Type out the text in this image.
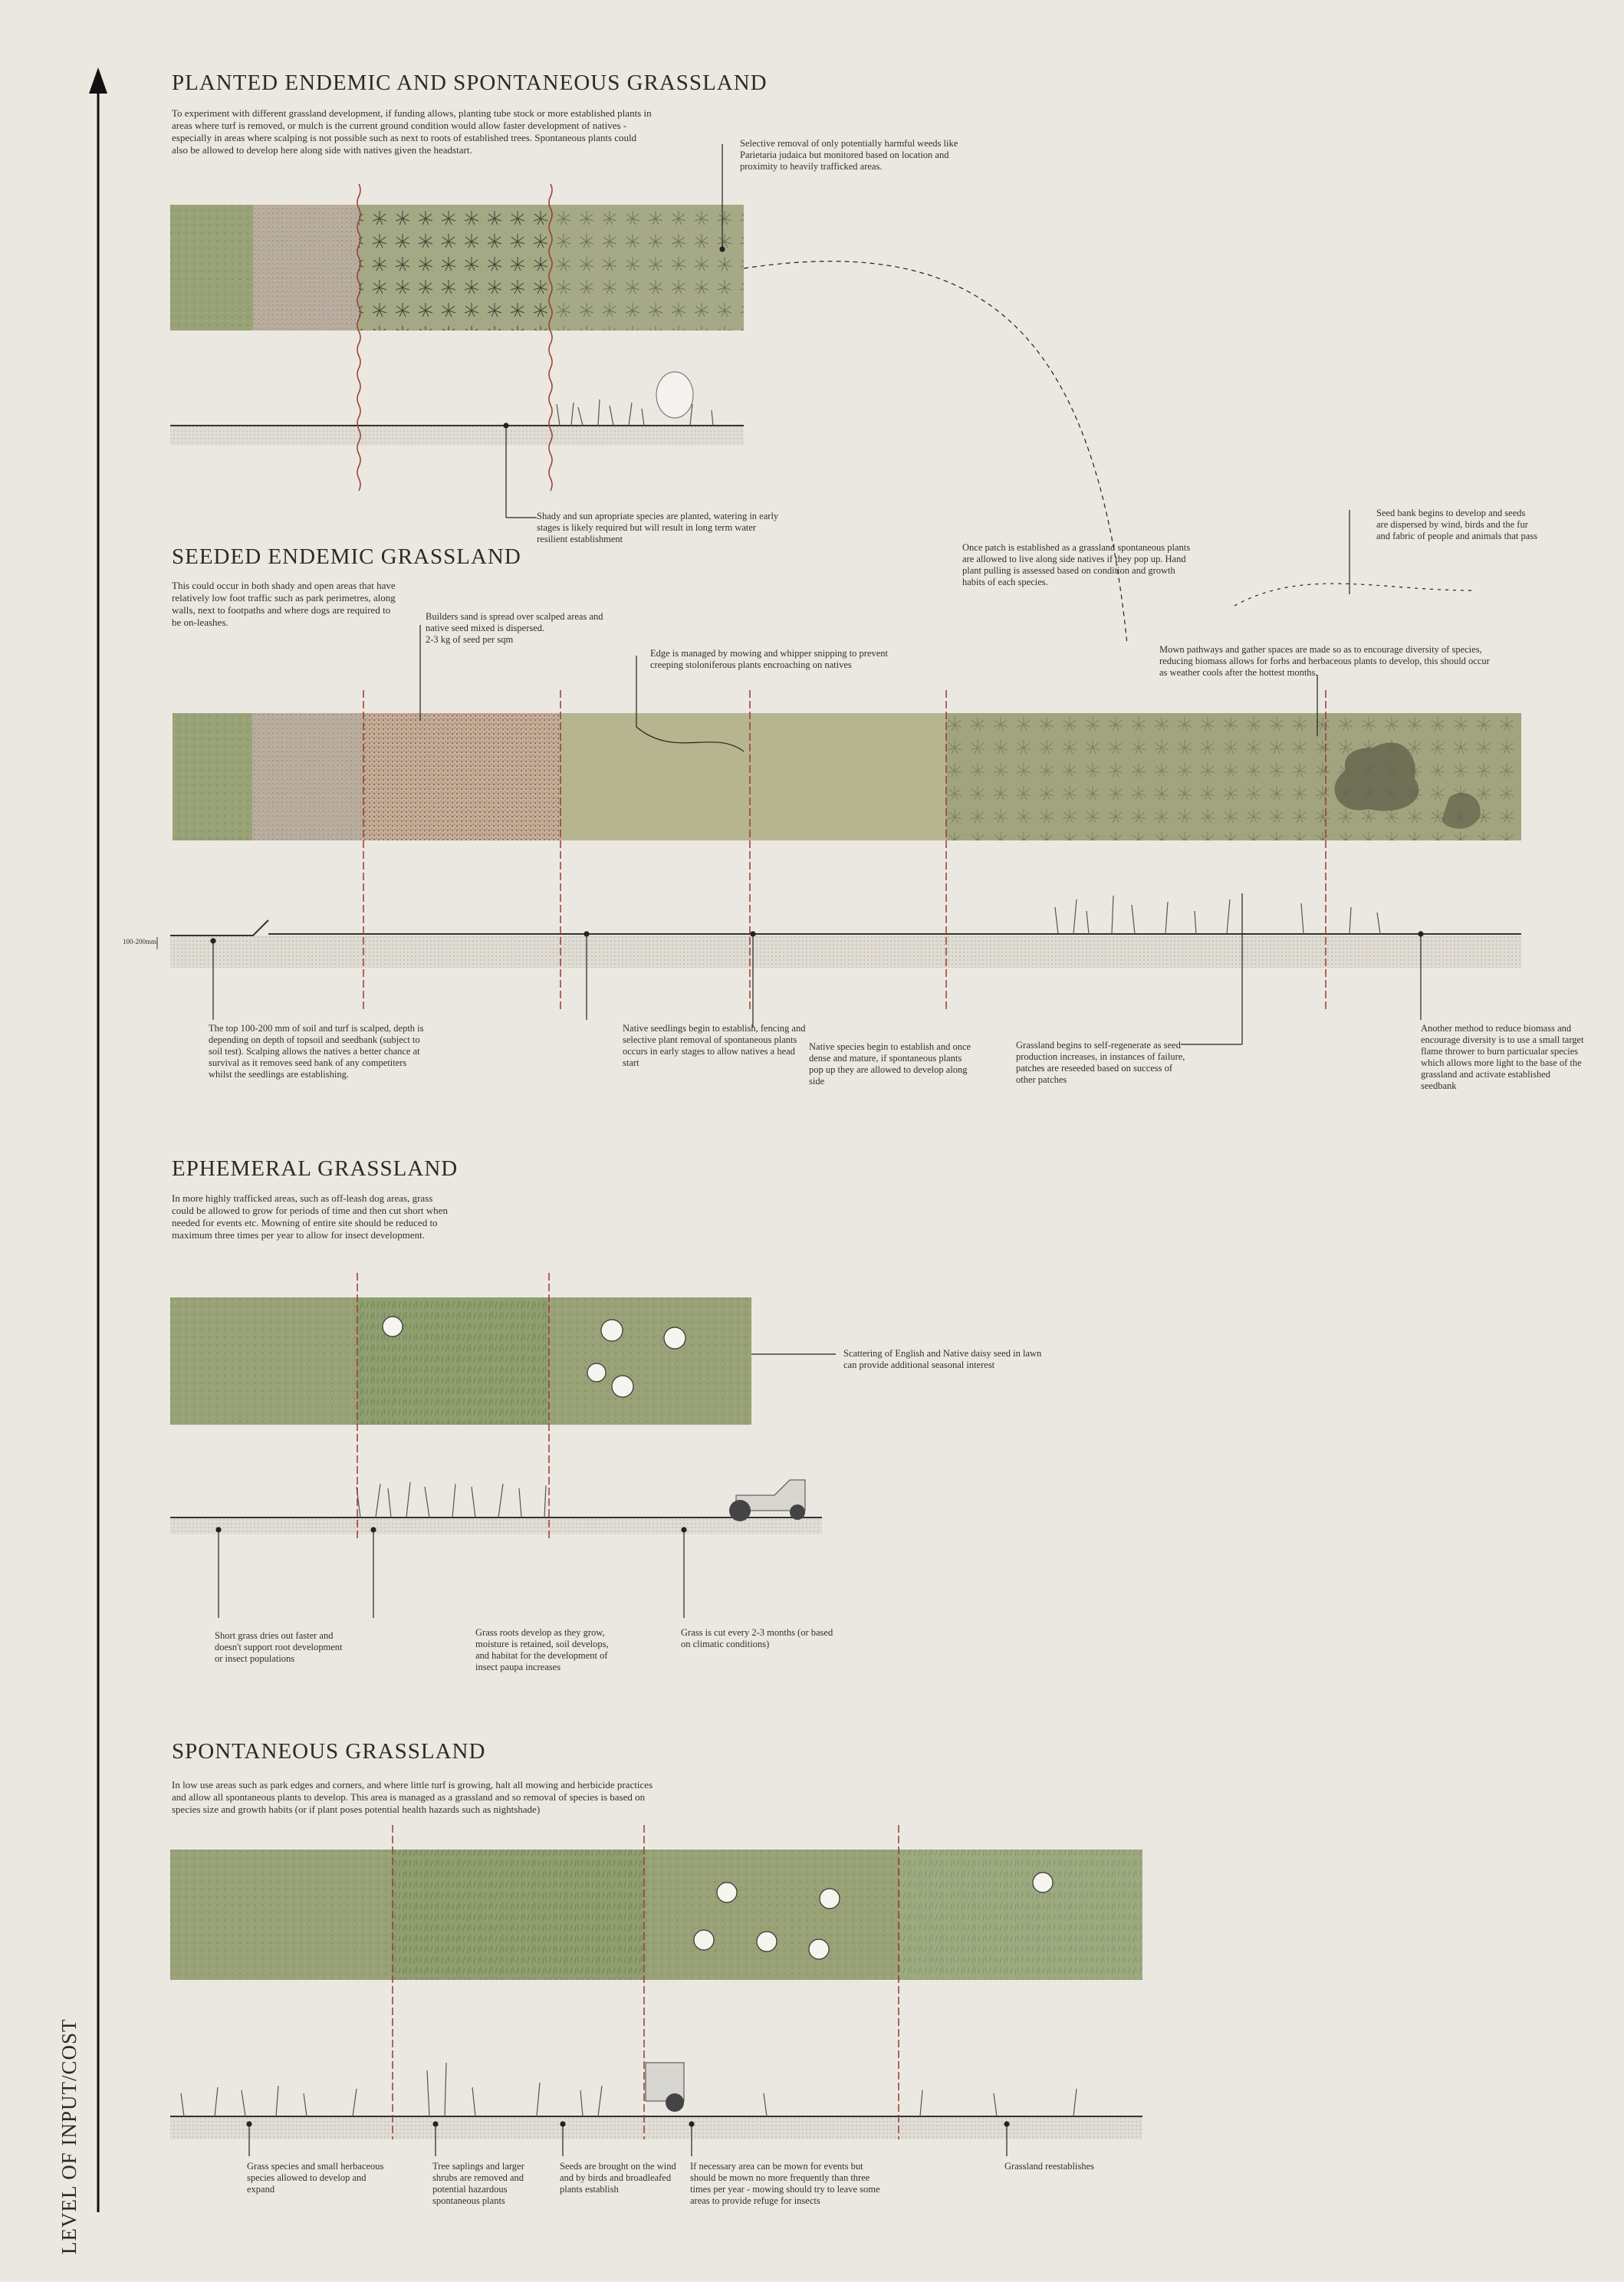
LEVEL OF INPUT/COST
PLANTED ENDEMIC AND SPONTANEOUS GRASSLAND
To experiment with different grassland development, if funding allows, planting tube stock or more established plants in areas where turf is removed, or mulch is the current ground condition would allow faster development of natives - especially in areas where scalping is not possible such as next to roots of established trees. Spontaneous plants could also be allowed to develop here along side with natives given the headstart.
Selective removal of only potentially harmful weeds like Parietaria judaica but monitored based on location and proximity to heavily trafficked areas.
Shady and sun apropriate species are planted, watering in early stages is likely required but will result in long term water resilient establishment
SEEDED ENDEMIC GRASSLAND
This could occur in both shady and open areas that have relatively low foot traffic such as park perimetres, along walls, next to footpaths and where dogs are required to be on-leashes.
100-200mm
Builders sand is spread over scalped areas and native seed mixed is dispersed.
2-3 kg of seed per sqm
Edge is managed by mowing and whipper snipping to prevent creeping stoloniferous plants encroaching on natives
Once patch is established as a grassland spontaneous plants are allowed to live along side natives if they pop up. Hand plant pulling is assessed based on condition and growth habits of each species.
Seed bank begins to develop and seeds are dispersed by wind, birds and the fur and fabric of people and animals that pass
Mown pathways and gather spaces are made so as to encourage diversity of species, reducing biomass allows for forbs and herbaceous plants to develop, this should occur as weather cools after the hottest months.
The top 100-200 mm of soil and turf is scalped, depth is depending on depth of topsoil and seedbank (subject to soil test). Scalping allows the natives a better chance at survival as it removes seed bank of any competiters whilst the seedlings are establishing.
Native seedlings begin to establish, fencing and selective plant removal of spontaneous plants occurs in early stages to allow natives a head start
Native species begin to establish and once dense and mature, if spontaneous plants pop up they are allowed to develop along side
Grassland begins to self-regenerate as seed production increases, in instances of failure, patches are reseeded based on success of other patches
Another method to reduce biomass and encourage diversity is to use a small target flame thrower to burn particualar species which allows more light to the base of the grassland and activate established seedbank
EPHEMERAL GRASSLAND
In more highly trafficked areas, such as off-leash dog areas, grass could be allowed to grow for periods of time and then cut short when needed for events etc. Mowning of entire site should be reduced to maximum three times per year to allow for insect development.
Scattering of English and Native daisy seed in lawn can provide additional seasonal interest
Short grass dries out faster and doesn't support root development or insect populations
Grass roots develop as they grow, moisture is retained, soil develops, and habitat for the development of insect paupa increases
Grass is cut every 2-3 months (or based on climatic conditions)
SPONTANEOUS GRASSLAND
In low use areas such as park edges and corners, and where little turf is growing, halt all mowing and herbicide practices and allow all spontaneous plants to develop. This area is managed as a grassland and so removal of species is based on species size and growth habits (or if plant poses potential health hazards such as nightshade)
Grass species and small herbaceous species allowed to develop and expand
Tree saplings and larger shrubs are removed and potential hazardous spontaneous plants
Seeds are brought on the wind and by birds and broadleafed plants establish
If necessary area can be mown for events but should be mown no more frequently than three times per year - mowing should try to leave some areas to provide refuge for insects
Grassland reestablishes
